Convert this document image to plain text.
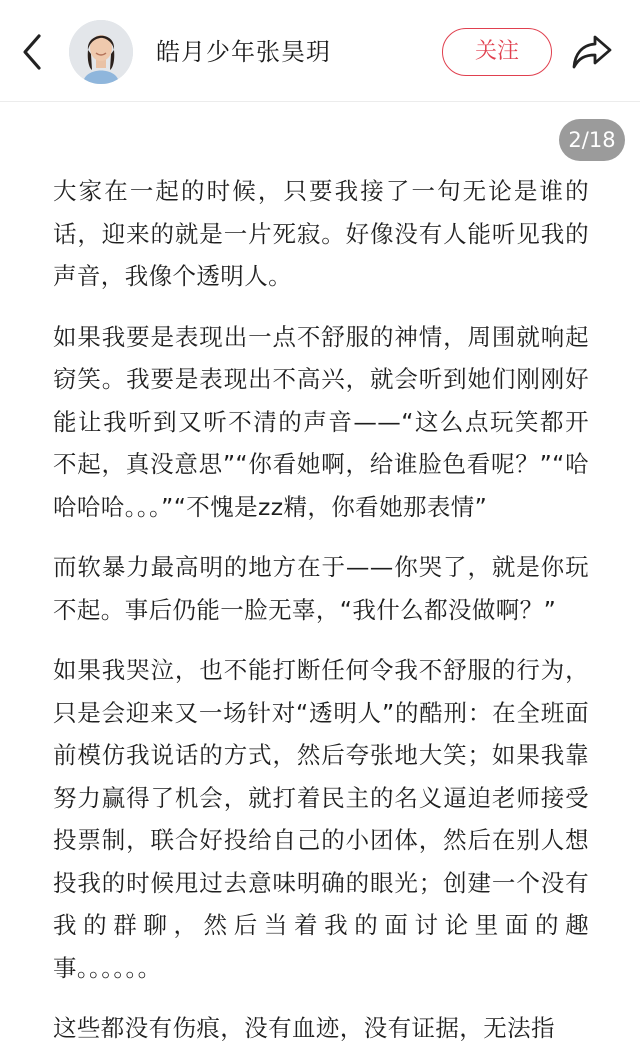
皓月少年张昊玥	关注

大家在一起的时候，只要我接了一句无论是谁的话，迎来的就是一片死寂。好像没有人能听见我的声音，我像个透明人。

如果我要是表现出一点不舒服的神情，周围就响起窃笑。我要是表现出不高兴，就会听到她们刚刚好能让我听到又听不清的声音——“这么点玩笑都开不起，真没意思”“你看她啊，给谁脸色看呢？”“哈哈哈哈。。。”“不愧是zz精，你看她那表情”

而软暴力最高明的地方在于——你哭了，就是你玩不起。事后仍能一脸无辜，“我什么都没做啊？”

如果我哭泣，也不能打断任何令我不舒服的行为，只是会迎来又一场针对“透明人”的酷刑：在全班面前模仿我说话的方式，然后夸张地大笑；如果我靠努力赢得了机会，就打着民主的名义逼迫老师接受投票制，联合好投给自己的小团体，然后在别人想投我的时候甩过去意味明确的眼光；创建一个没有我的群聊，然后当着我的面讨论里面的趣事。。。。。。

这些都没有伤痕，没有血迹，没有证据，无法指

2/18
